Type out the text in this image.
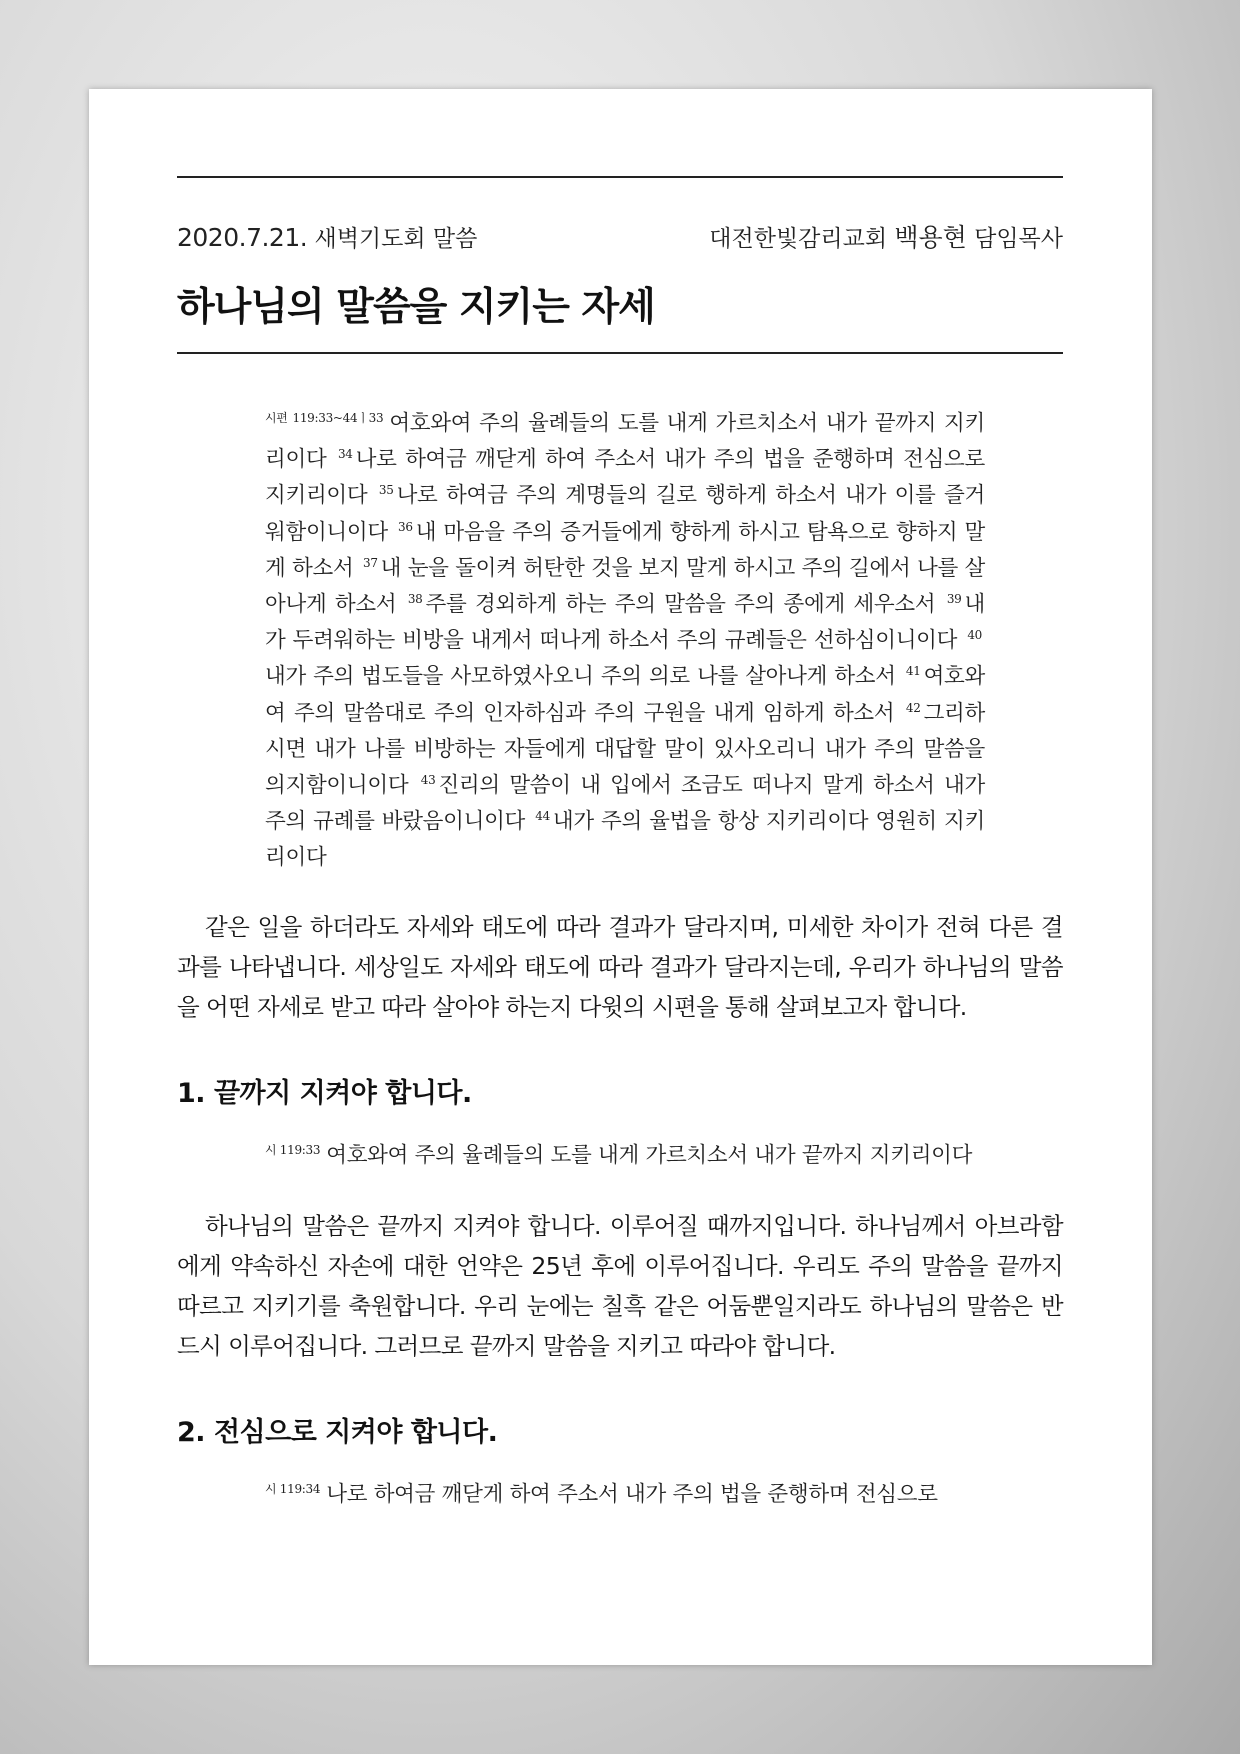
2020.7.21. 새벽기도회 말씀	대전한빛감리교회 백용현 담임목사
하나님의 말씀을 지키는 자세
$^{시편 119:33\sim 44ㅣ33}$ 여호와여 주의 율례들의 도를 내게 가르치소서 내가 끝까지 지키리이다 $^{34}$ 나로 하여금 깨닫게 하여 주소서 내가 주의 법을 준행하며 전심으로 지키리이다 $^{35}$ 나로 하여금 주의 계명들의 길로 행하게 하소서 내가 이를 즐거워함이니이다 $^{36}$ 내 마음을 주의 증거들에게 향하게 하시고 탐욕으로 향하지 말게 하소서 $^{37}$ 내 눈을 돌이켜 허탄한 것을 보지 말게 하시고 주의 길에서 나를 살아나게 하소서 $^{38}$ 주를 경외하게 하는 주의 말씀을 주의 종에게 세우소서 $^{39}$ 내가 두려워하는 비방을 내게서 떠나게 하소서 주의 규례들은 선하심이니이다 $^{40}$내가 주의 법도들을 사모하였사오니 주의 의로 나를 살아나게 하소서 $^{41}$ 여호와여 주의 말씀대로 주의 인자하심과 주의 구원을 내게 임하게 하소서 $^{42}$ 그리하시면 내가 나를 비방하는 자들에게 대답할 말이 있사오리니 내가 주의 말씀을 의지함이니이다 $^{43}$ 진리의 말씀이 내 입에서 조금도 떠나지 말게 하소서 내가 주의 규례를 바랐음이니이다 $^{44}$ 내가 주의 율법을 항상 지키리이다 영원히 지키리이다

같은 일을 하더라도 자세와 태도에 따라 결과가 달라지며, 미세한 차이가 전혀 다른 결과를 나타냅니다. 세상일도 자세와 태도에 따라 결과가 달라지는데, 우리가 하나님의 말씀을 어떤 자세로 받고 따라 살아야 하는지 다윗의 시편을 통해 살펴보고자 합니다.

1. 끝까지 지켜야 합니다.
$^{시 119:33}$ 여호와여 주의 율례들의 도를 내게 가르치소서 내가 끝까지 지키리이다

하나님의 말씀은 끝까지 지켜야 합니다. 이루어질 때까지입니다. 하나님께서 아브라함에게 약속하신 자손에 대한 언약은 25년 후에 이루어집니다. 우리도 주의 말씀을 끝까지 따르고 지키기를 축원합니다. 우리 눈에는 칠흑 같은 어둠뿐일지라도 하나님의 말씀은 반드시 이루어집니다. 그러므로 끝까지 말씀을 지키고 따라야 합니다.

2. 전심으로 지켜야 합니다.
$^{시 119:34}$ 나로 하여금 깨닫게 하여 주소서 내가 주의 법을 준행하며 전심으로
